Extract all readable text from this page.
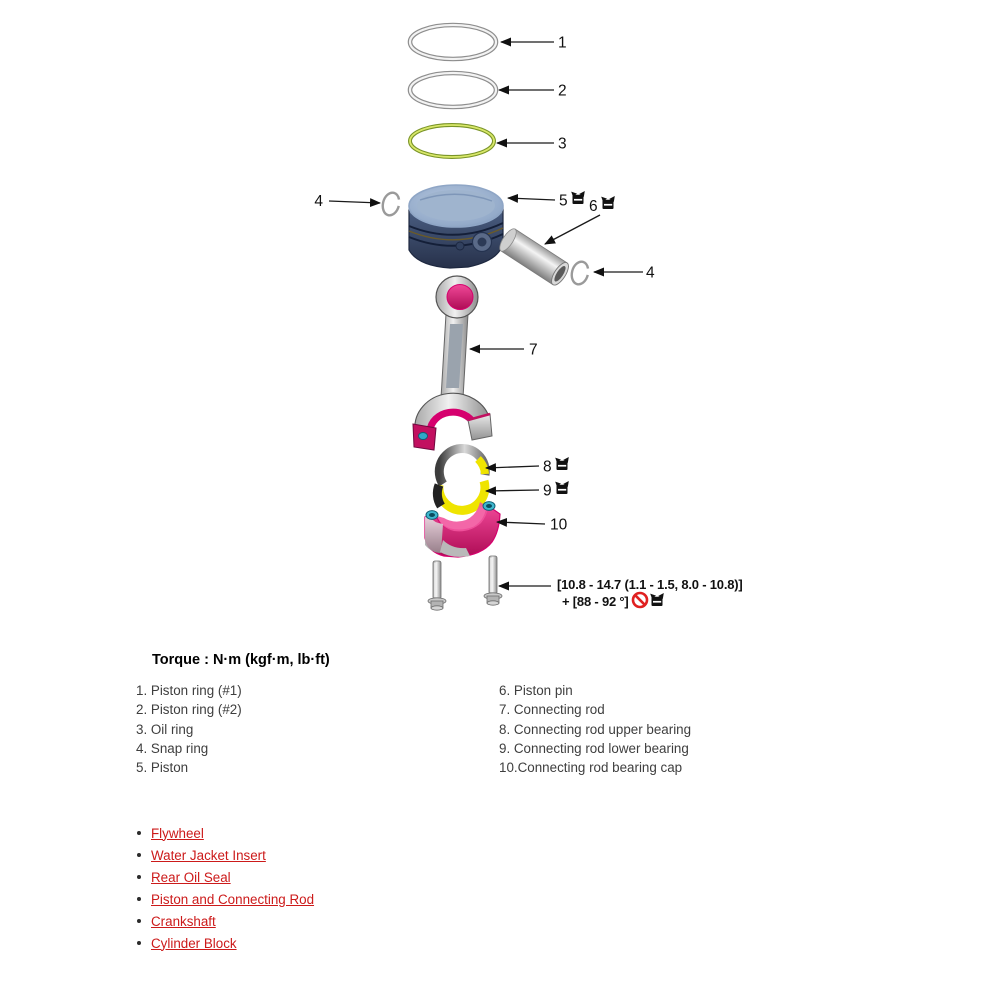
1
2
3
4	5 6
4
7
8
9
10
[10.8 - 14.7 (1.1 - 1.5, 8.0 - 10.8)]
+ [88 - 92 °]
Torque : N·m (kgf·m, lb·ft)
1. Piston ring (#1)
2. Piston ring (#2)
3. Oil ring
4. Snap ring
5. Piston
6. Piston pin
7. Connecting rod
8. Connecting rod upper bearing
9. Connecting rod lower bearing
10.Connecting rod bearing cap
Flywheel
Water Jacket Insert
Rear Oil Seal
Piston and Connecting Rod
Crankshaft
Cylinder Block
